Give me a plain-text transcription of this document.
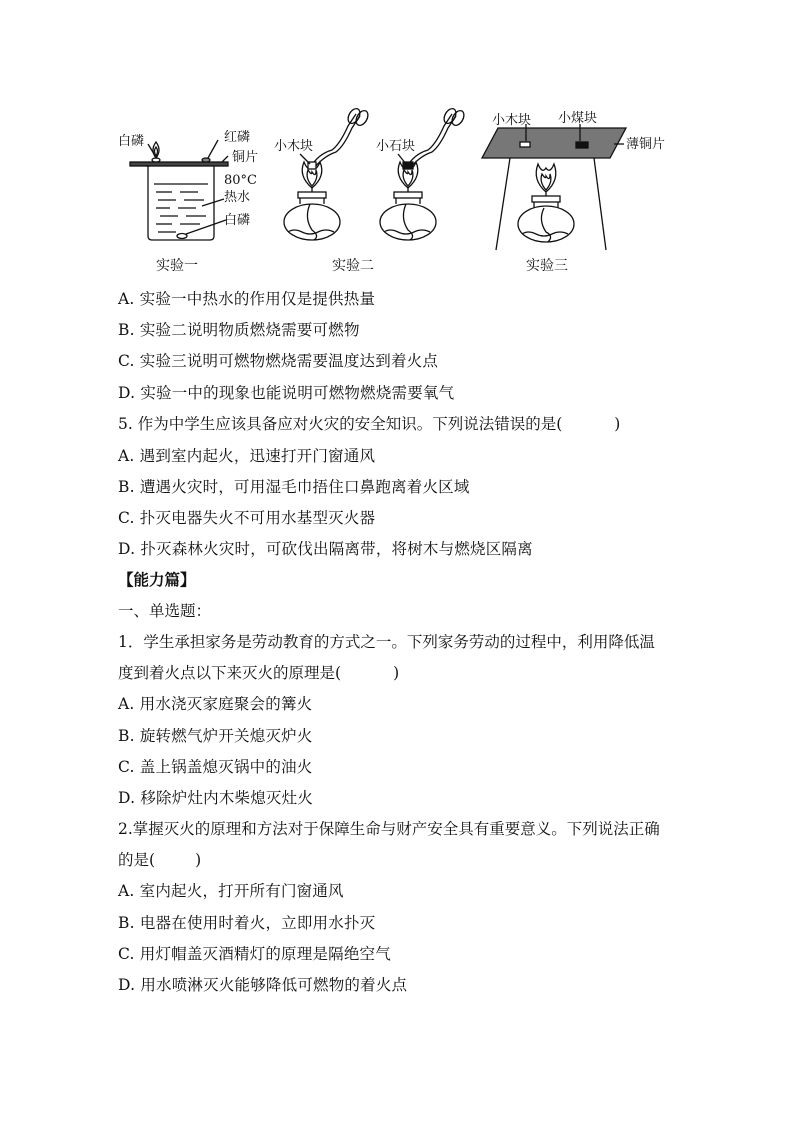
白磷	红磷
铜片
80°C
热水
白磷
实验一
小木块	小石块
实验二
小木块 小煤块
薄铜片
实验三
A. 实验一中热水的作用仅是提供热量
B. 实验二说明物质燃烧需要可燃物
C. 实验三说明可燃物燃烧需要温度达到着火点
D. 实验一中的现象也能说明可燃物燃烧需要氧气
5. 作为中学生应该具备应对火灾的安全知识。下列说法错误的是(	)
A. 遇到室内起火，迅速打开门窗通风
B. 遭遇火灾时，可用湿毛巾捂住口鼻跑离着火区域
C. 扑灭电器失火不可用水基型灭火器
D. 扑灭森林火灾时，可砍伐出隔离带，将树木与燃烧区隔离
【能力篇】
一、单选题：
1．学生承担家务是劳动教育的方式之一。下列家务劳动的过程中，利用降低温
度到着火点以下来灭火的原理是(	)
A. 用水浇灭家庭聚会的篝火
B. 旋转燃气炉开关熄灭炉火
C. 盖上锅盖熄灭锅中的油火
D. 移除炉灶内木柴熄灭灶火
2.掌握灭火的原理和方法对于保障生命与财产安全具有重要意义。下列说法正确
的是(	)
A. 室内起火，打开所有门窗通风
B. 电器在使用时着火，立即用水扑灭
C. 用灯帽盖灭酒精灯的原理是隔绝空气
D. 用水喷淋灭火能够降低可燃物的着火点
